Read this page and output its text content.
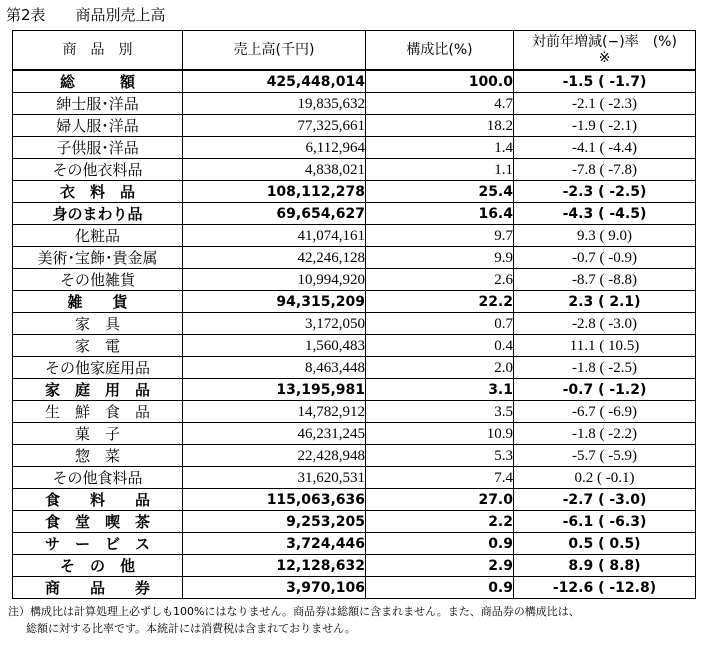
第2表　　商品別売上高
商　品　別	売上高(千円)	構成比(%)	対前年増減(−)率　(%)
※

総　　　額	425,448,014	100.0	-1.5 ( -1.7)
紳士服･洋品	19,835,632	4.7	-2.1 ( -2.3)
婦人服･洋品	77,325,661	18.2	-1.9 ( -2.1)
子供服･洋品	6,112,964	1.4	-4.1 ( -4.4)
その他衣料品	4,838,021	1.1	-7.8 ( -7.8)
衣　料　品	108,112,278	25.4	-2.3 ( -2.5)
身のまわり品	69,654,627	16.4	-4.3 ( -4.5)
化粧品	41,074,161	9.7	9.3 ( 9.0)
美術･宝飾･貴金属	42,246,128	9.9	-0.7 ( -0.9)
その他雑貨	10,994,920	2.6	-8.7 ( -8.8)
雑　　貨	94,315,209	22.2	2.3 ( 2.1)
家　具	3,172,050	0.7	-2.8 ( -3.0)
家　電	1,560,483	0.4	11.1 ( 10.5)
その他家庭用品	8,463,448	2.0	-1.8 ( -2.5)
家　庭　用　品	13,195,981	3.1	-0.7 ( -1.2)
生　鮮　食　品	14,782,912	3.5	-6.7 ( -6.9)
菓　子	46,231,245	10.9	-1.8 ( -2.2)
惣　菜	22,428,948	5.3	-5.7 ( -5.9)
その他食料品	31,620,531	7.4	0.2 ( -0.1)
食　　料　　品	115,063,636	27.0	-2.7 ( -3.0)
食　堂　喫　茶	9,253,205	2.2	-6.1 ( -6.3)
サ　ー　ビ　ス	3,724,446	0.9	0.5 ( 0.5)
そ　の　他	12,128,632	2.9	8.9 ( 8.8)
商　　品　　券	3,970,106	0.9	-12.6 ( -12.8)
注）構成比は計算処理上必ずしも100%にはなりません。商品券は総額に含まれません。また、商品券の構成比は、
総額に対する比率です。本統計には消費税は含まれておりません。
